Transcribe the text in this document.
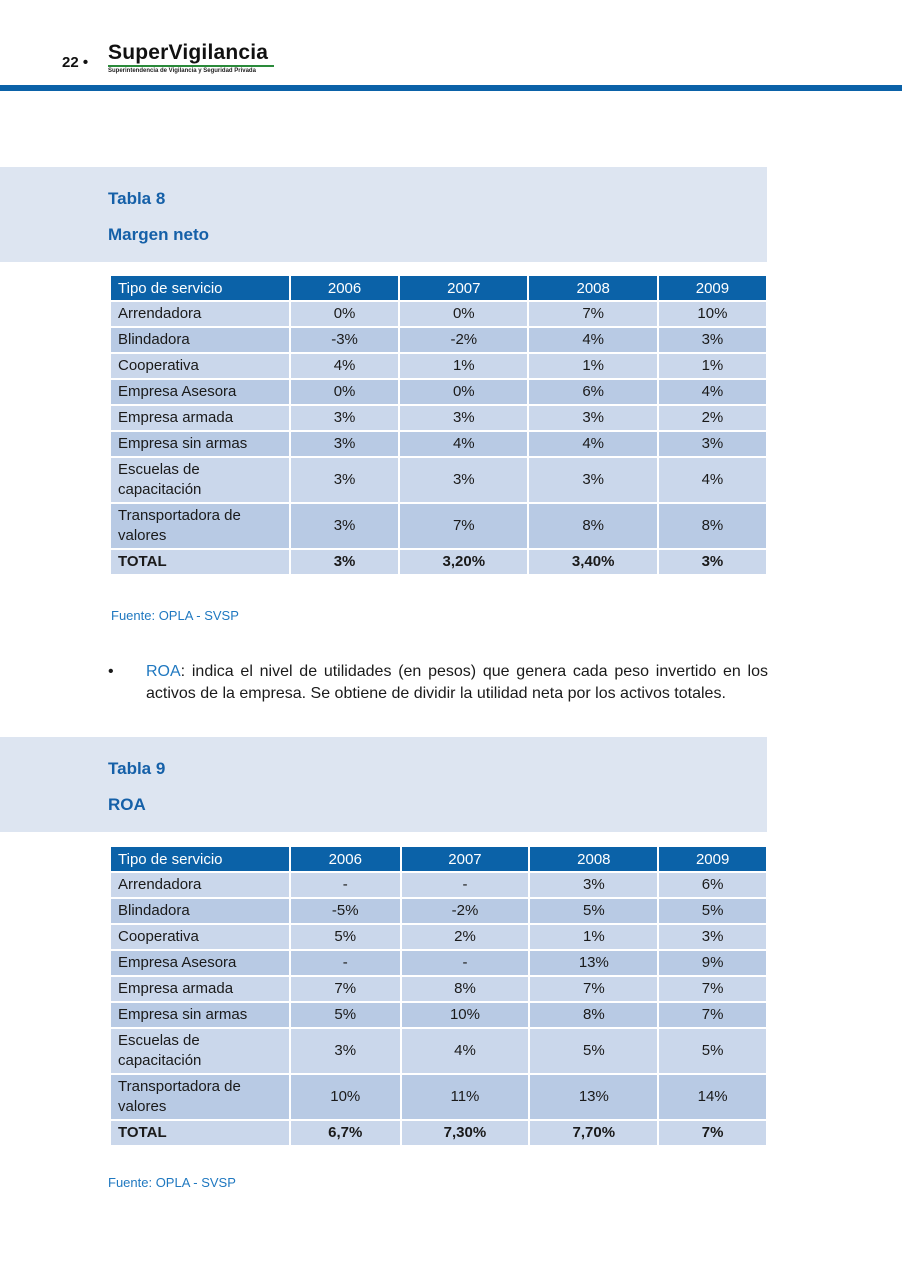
22 • SuperVigilancia
Superintendencia de Vigilancia y Seguridad Privada
Tabla 8
Margen neto
Tipo de servicio	2006	2007	2008	2009
Arrendadora	0%	0%	7%	10%
Blindadora	-3%	-2%	4%	3%
Cooperativa	4%	1%	1%	1%
Empresa Asesora	0%	0%	6%	4%
Empresa armada	3%	3%	3%	2%
Empresa sin armas	3%	4%	4%	3%
Escuelas de capacitación	3%	3%	3%	4%
Transportadora de valores	3%	7%	8%	8%
TOTAL	3%	3,20%	3,40%	3%
Fuente: OPLA - SVSP
• ROA: indica el nivel de utilidades (en pesos) que genera cada peso invertido en los activos de la empresa. Se obtiene de dividir la utilidad neta por los activos totales.
Tabla 9
ROA
Tipo de servicio	2006	2007	2008	2009
Arrendadora	-	-	3%	6%
Blindadora	-5%	-2%	5%	5%
Cooperativa	5%	2%	1%	3%
Empresa Asesora	-	-	13%	9%
Empresa armada	7%	8%	7%	7%
Empresa sin armas	5%	10%	8%	7%
Escuelas de capacitación	3%	4%	5%	5%
Transportadora de valores	10%	11%	13%	14%
TOTAL	6,7%	7,30%	7,70%	7%
Fuente: OPLA - SVSP
